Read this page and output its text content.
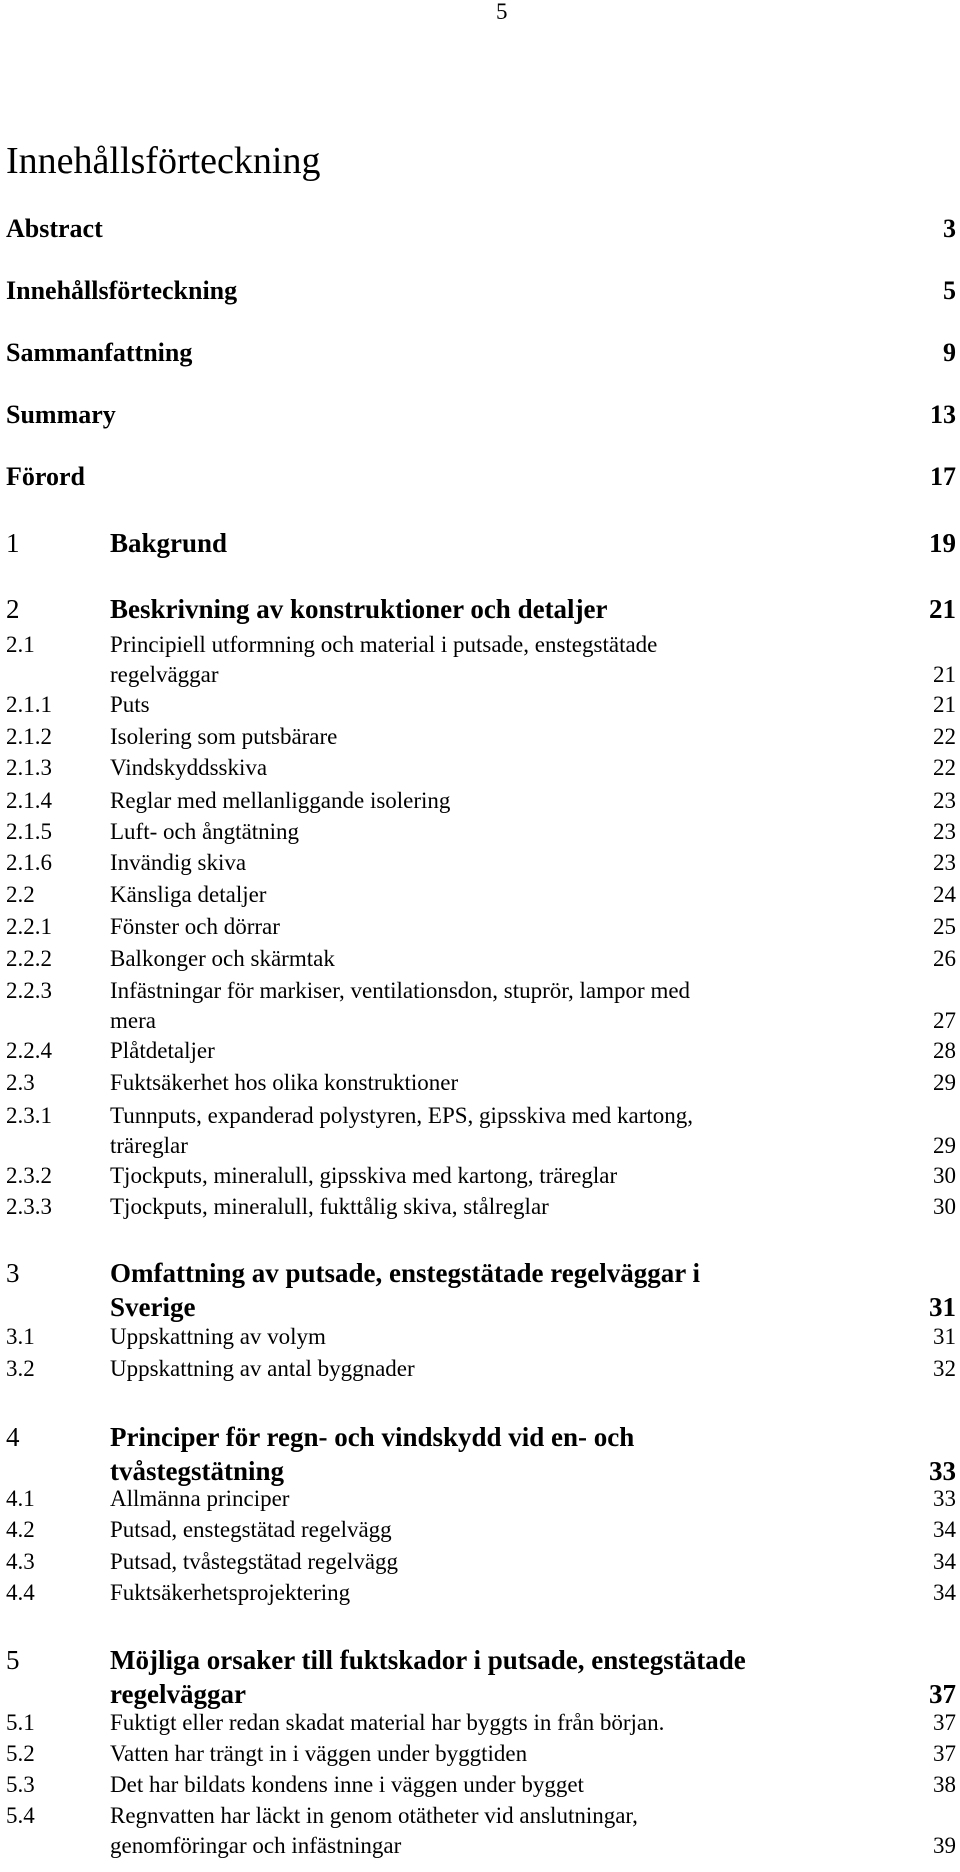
5
Innehållsförteckning
Abstract	3
Innehållsförteckning	5
Sammanfattning	9
Summary	13
Förord	17
1	Bakgrund	19
2	Beskrivning av konstruktioner och detaljer	21
2.1	Principiell utformning och material i putsade, enstegstätade
regelväggar	21
2.1.1	Puts	21
2.1.2	Isolering som putsbärare	22
2.1.3	Vindskyddsskiva	22
2.1.4	Reglar med mellanliggande isolering	23
2.1.5	Luft- och ångtätning	23
2.1.6	Invändig skiva	23
2.2	Känsliga detaljer	24
2.2.1	Fönster och dörrar	25
2.2.2	Balkonger och skärmtak	26
2.2.3	Infästningar för markiser, ventilationsdon, stuprör, lampor med
mera	27
2.2.4	Plåtdetaljer	28
2.3	Fuktsäkerhet hos olika konstruktioner	29
2.3.1	Tunnputs, expanderad polystyren, EPS, gipsskiva med kartong,
träreglar	29
2.3.2	Tjockputs, mineralull, gipsskiva med kartong, träreglar	30
2.3.3	Tjockputs, mineralull, fukttålig skiva, stålreglar	30
3	Omfattning av putsade, enstegstätade regelväggar i
Sverige	31
3.1	Uppskattning av volym	31
3.2	Uppskattning av antal byggnader	32
4	Principer för regn- och vindskydd vid en- och
tvåstegstätning	33
4.1	Allmänna principer	33
4.2	Putsad, enstegstätad regelvägg	34
4.3	Putsad, tvåstegstätad regelvägg	34
4.4	Fuktsäkerhetsprojektering	34
5	Möjliga orsaker till fuktskador i putsade, enstegstätade
regelväggar	37
5.1	Fuktigt eller redan skadat material har byggts in från början.	37
5.2	Vatten har trängt in i väggen under byggtiden	37
5.3	Det har bildats kondens inne i väggen under bygget	38
5.4	Regnvatten har läckt in genom otätheter vid anslutningar,
genomföringar och infästningar	39
